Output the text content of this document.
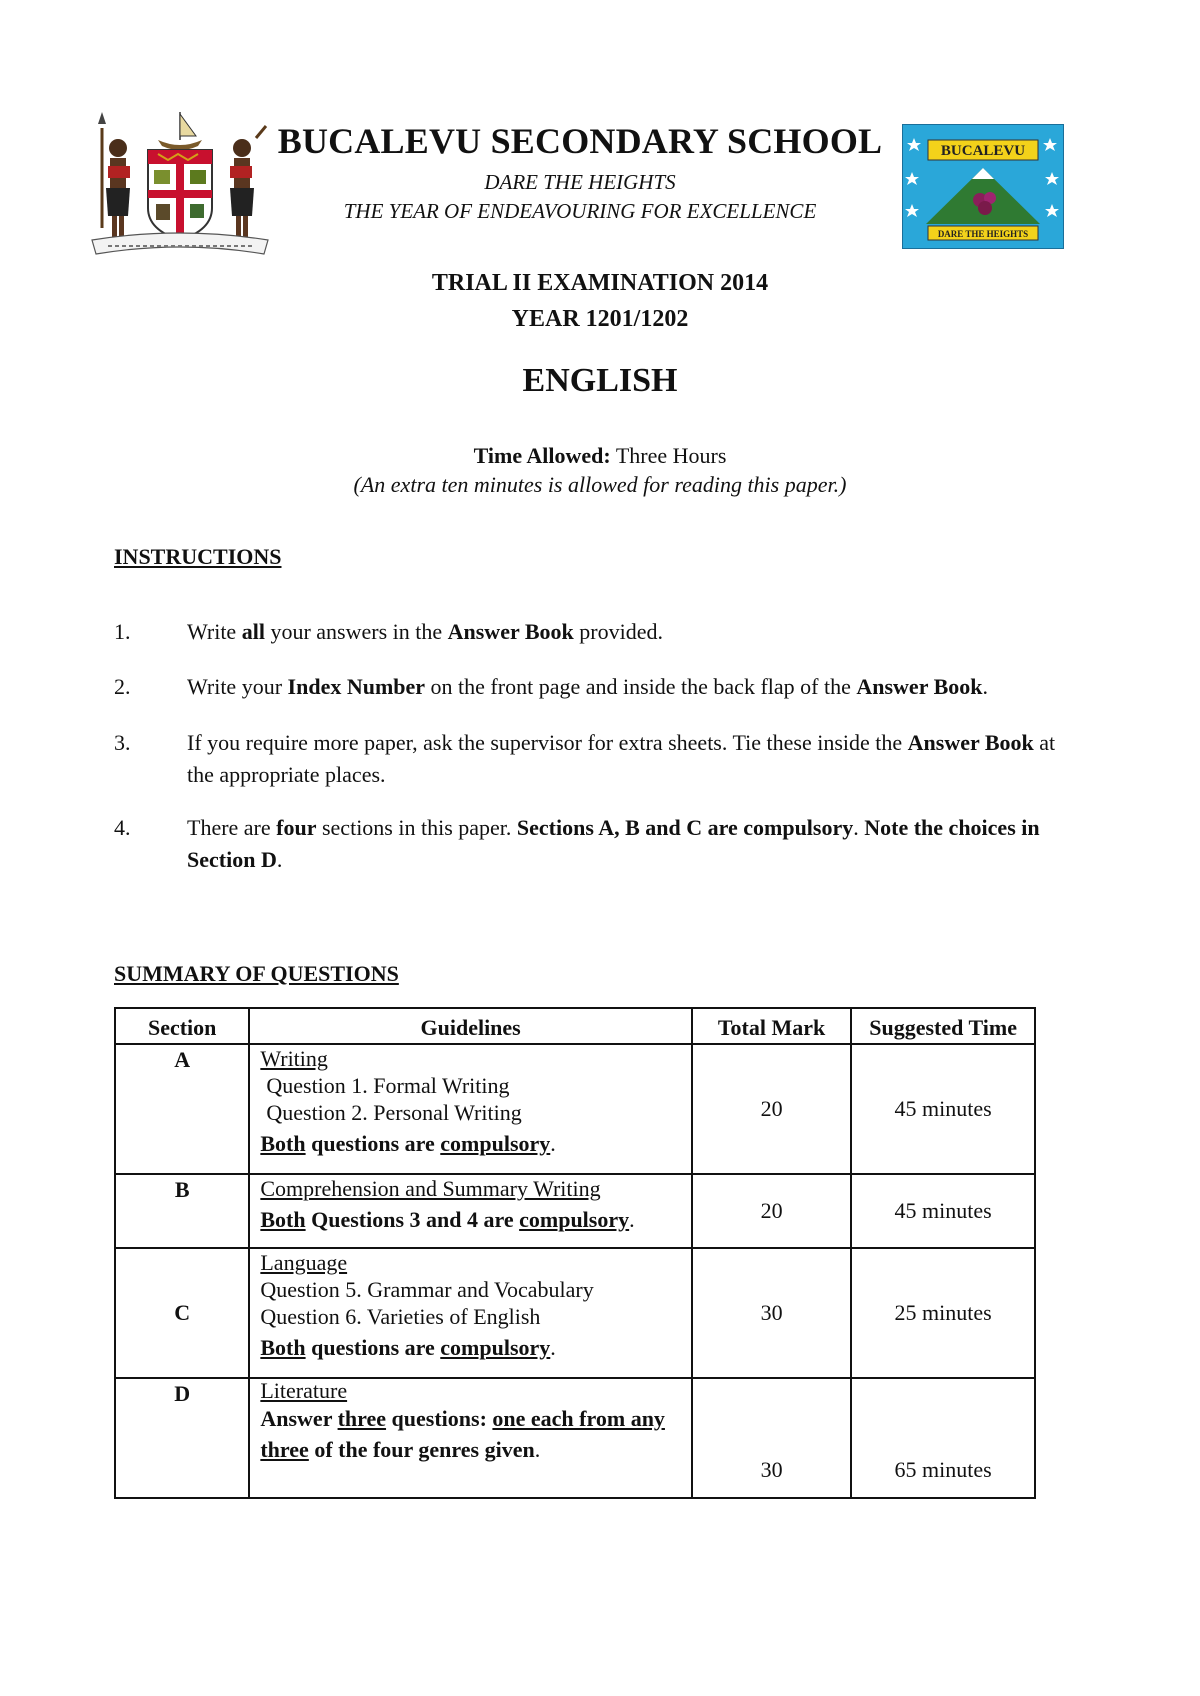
BUCALEVU SECONDARY SCHOOL
DARE THE HEIGHTS
THE YEAR OF ENDEAVOURING FOR EXCELLENCE
BUCALEVU
DARE THE HEIGHTS
TRIAL II EXAMINATION 2014
YEAR 1201/1202
ENGLISH
Time Allowed: Three Hours
(An extra ten minutes is allowed for reading this paper.)
INSTRUCTIONS
1.	Write all your answers in the Answer Book provided.
2.	Write your Index Number on the front page and inside the back flap of the Answer Book.
3.	If you require more paper, ask the supervisor for extra sheets. Tie these inside the Answer Book at the appropriate places.
4.	There are four sections in this paper. Sections A, B and C are compulsory. Note the choices in Section D.
SUMMARY OF QUESTIONS
Section	Guidelines	Total Mark	Suggested Time

A	Writing
Question 1. Formal Writing
Question 2. Personal Writing
Both questions are compulsory.	20	45 minutes

B	Comprehension and Summary Writing
Both Questions 3 and 4 are compulsory.	20	45 minutes
C	Language
Question 5. Grammar and Vocabulary
Question 6. Varieties of English
Both questions are compulsory.	30	25 minutes

D	Literature
Answer three questions: one each from any three of the four genres given.	30	65 minutes
